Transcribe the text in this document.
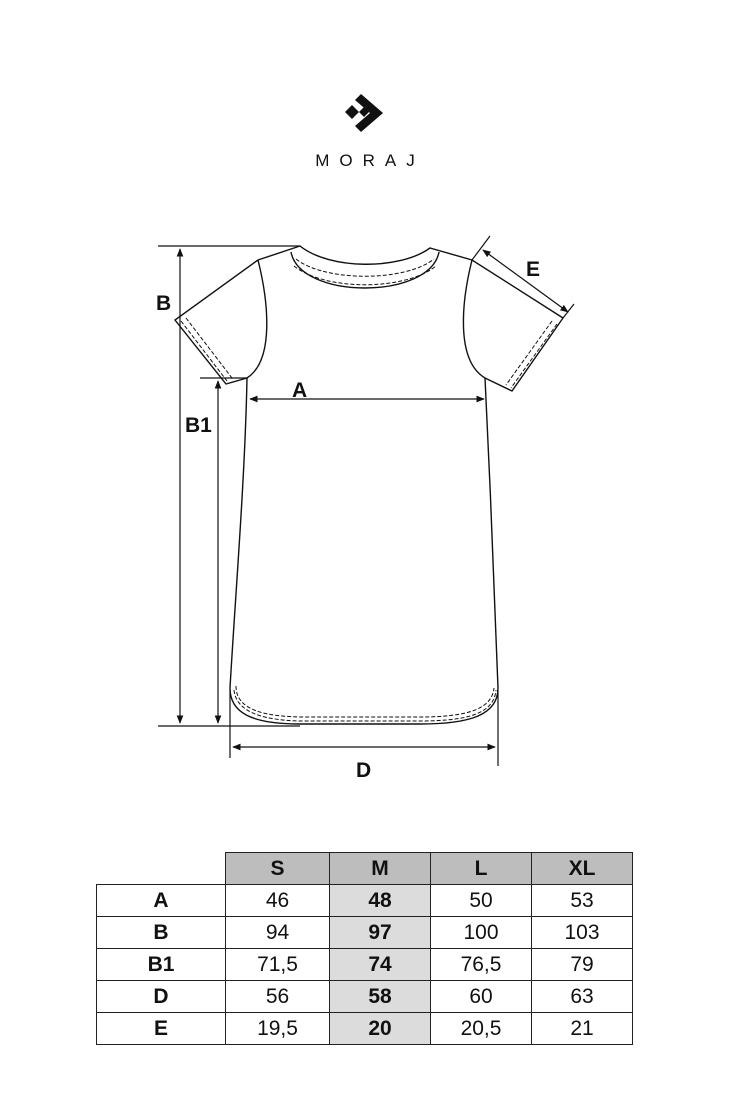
MORAJ
B
B1
A
D
E
	S	M	L	XL
A	46	48	50	53
B	94	97	100	103
B1	71,5	74	76,5	79
D	56	58	60	63
E	19,5	20	20,5	21
